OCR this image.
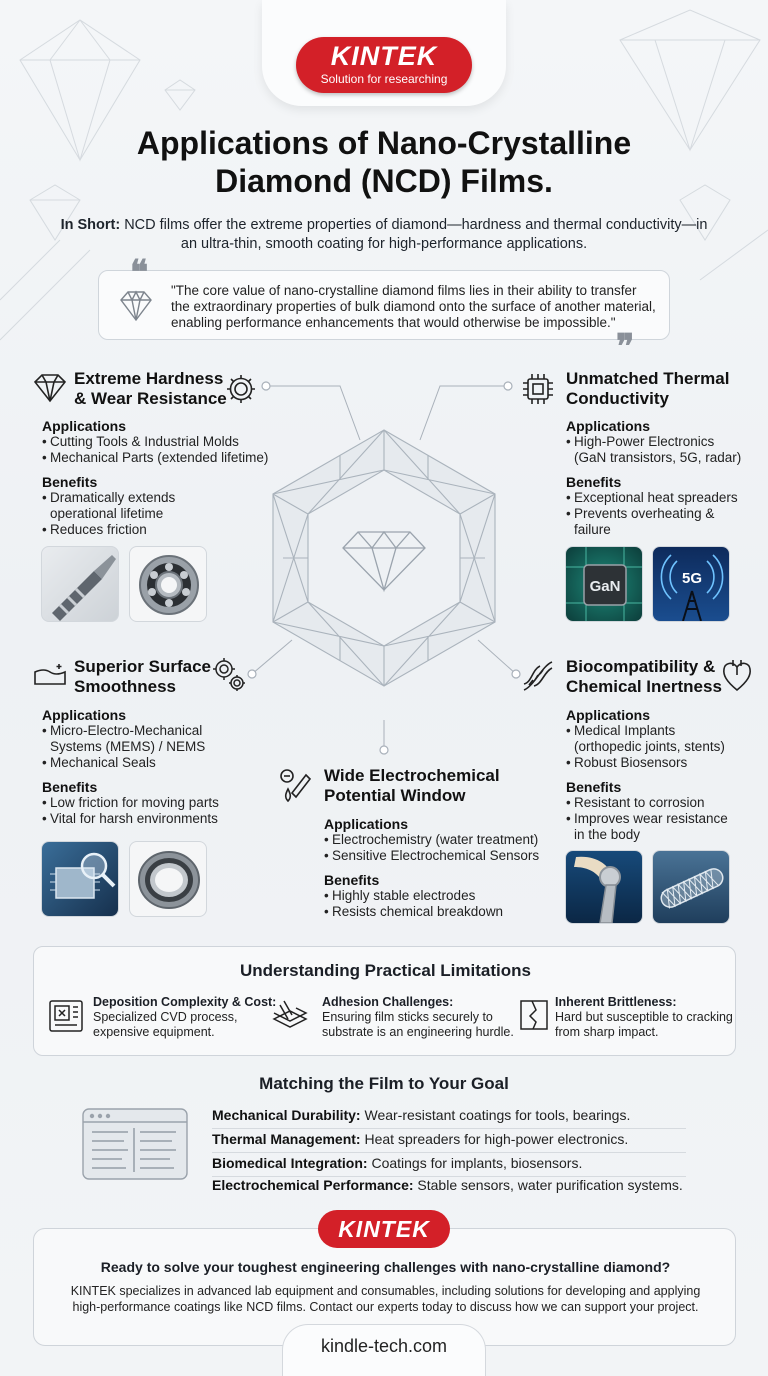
KINTEK
Solution for researching
Applications of Nano-Crystalline
Diamond (NCD) Films.

In Short: NCD films offer the extreme properties of diamond—hardness and thermal conductivity—in an ultra-thin, smooth coating for high-performance applications.

"The core value of nano-crystalline diamond films lies in their ability to transfer the extraordinary properties of bulk diamond onto the surface of another material, enabling performance enhancements that would otherwise be impossible."
❝
❞
Extreme Hardness
& Wear Resistance
Applications
• Cutting Tools & Industrial Molds
• Mechanical Parts (extended lifetime)
Benefits
• Dramatically extends
operational lifetime
• Reduces friction
Unmatched Thermal
Conductivity
Applications
• High-Power Electronics
(GaN transistors, 5G, radar)
Benefits
• Exceptional heat spreaders
• Prevents overheating &
failure
GaN	5G
Superior Surface
Smoothness
Applications
• Micro-Electro-Mechanical
Systems (MEMS) / NEMS
• Mechanical Seals
Benefits
• Low friction for moving parts
• Vital for harsh environments
Biocompatibility &
Chemical Inertness
Applications
• Medical Implants
(orthopedic joints, stents)
• Robust Biosensors
Benefits
• Resistant to corrosion
• Improves wear resistance
in the body
Wide Electrochemical
Potential Window
Applications
• Electrochemistry (water treatment)
• Sensitive Electrochemical Sensors
Benefits
• Highly stable electrodes
• Resists chemical breakdown
Understanding Practical Limitations
Deposition Complexity & Cost:
Specialized CVD process,
expensive equipment.
Adhesion Challenges:
Ensuring film sticks securely to
substrate is an engineering hurdle.
Inherent Brittleness:
Hard but susceptible to cracking
from sharp impact.
Matching the Film to Your Goal
Mechanical Durability: Wear-resistant coatings for tools, bearings.
Thermal Management: Heat spreaders for high-power electronics.
Biomedical Integration: Coatings for implants, biosensors.
Electrochemical Performance: Stable sensors, water purification systems.
Ready to solve your toughest engineering challenges with nano-crystalline diamond?
KINTEK specializes in advanced lab equipment and consumables, including solutions for developing and applying high-performance coatings like NCD films. Contact our experts today to discuss how we can support your project.
KINTEK
kindle-tech.com
